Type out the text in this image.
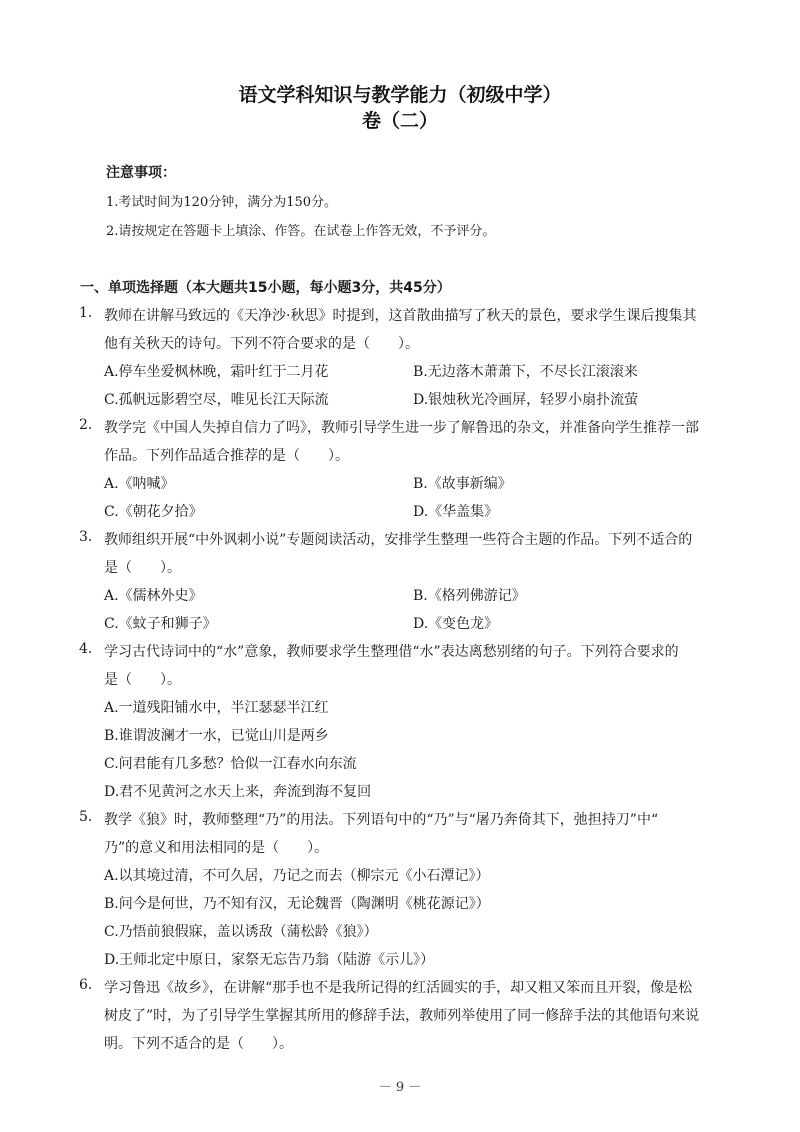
语文学科知识与教学能力（初级中学）
卷（二）
注意事项：
1.考试时间为120分钟，满分为150分。
2.请按规定在答题卡上填涂、作答。在试卷上作答无效，不予评分。
一、单项选择题（本大题共15小题，每小题3分，共45分）
1. 教师在讲解马致远的《天净沙·秋思》时提到，这首散曲描写了秋天的景色，要求学生课后搜集其
他有关秋天的诗句。下列不符合要求的是（　　）。
A.停车坐爱枫林晚，霜叶红于二月花	B.无边落木萧萧下，不尽长江滚滚来
C.孤帆远影碧空尽，唯见长江天际流	D.银烛秋光冷画屏，轻罗小扇扑流萤
2. 教学完《中国人失掉自信力了吗》，教师引导学生进一步了解鲁迅的杂文，并准备向学生推荐一部
作品。下列作品适合推荐的是（　　）。
A.《呐喊》	B.《故事新编》
C.《朝花夕拾》	D.《华盖集》
3. 教师组织开展“中外讽刺小说”专题阅读活动，安排学生整理一些符合主题的作品。下列不适合的
是（　　）。
A.《儒林外史》	B.《格列佛游记》
C.《蚊子和狮子》	D.《变色龙》
4. 学习古代诗词中的“水”意象，教师要求学生整理借“水”表达离愁别绪的句子。下列符合要求的
是（　　）。
A.一道残阳铺水中，半江瑟瑟半江红
B.谁谓波澜才一水，已觉山川是两乡
C.问君能有几多愁？恰似一江春水向东流
D.君不见黄河之水天上来，奔流到海不复回
5. 教学《狼》时，教师整理“乃”的用法。下列语句中的“乃”与“屠乃奔倚其下，弛担持刀”中“
乃”的意义和用法相同的是（　　）。
A.以其境过清，不可久居，乃记之而去（柳宗元《小石潭记》）
B.问今是何世，乃不知有汉，无论魏晋（陶渊明《桃花源记》）
C.乃悟前狼假寐，盖以诱敌（蒲松龄《狼》）
D.王师北定中原日，家祭无忘告乃翁（陆游《示儿》）
6. 学习鲁迅《故乡》，在讲解“那手也不是我所记得的红活圆实的手，却又粗又笨而且开裂，像是松
树皮了”时，为了引导学生掌握其所用的修辞手法，教师列举使用了同一修辞手法的其他语句来说
明。下列不适合的是（　　）。
－ 9 －
